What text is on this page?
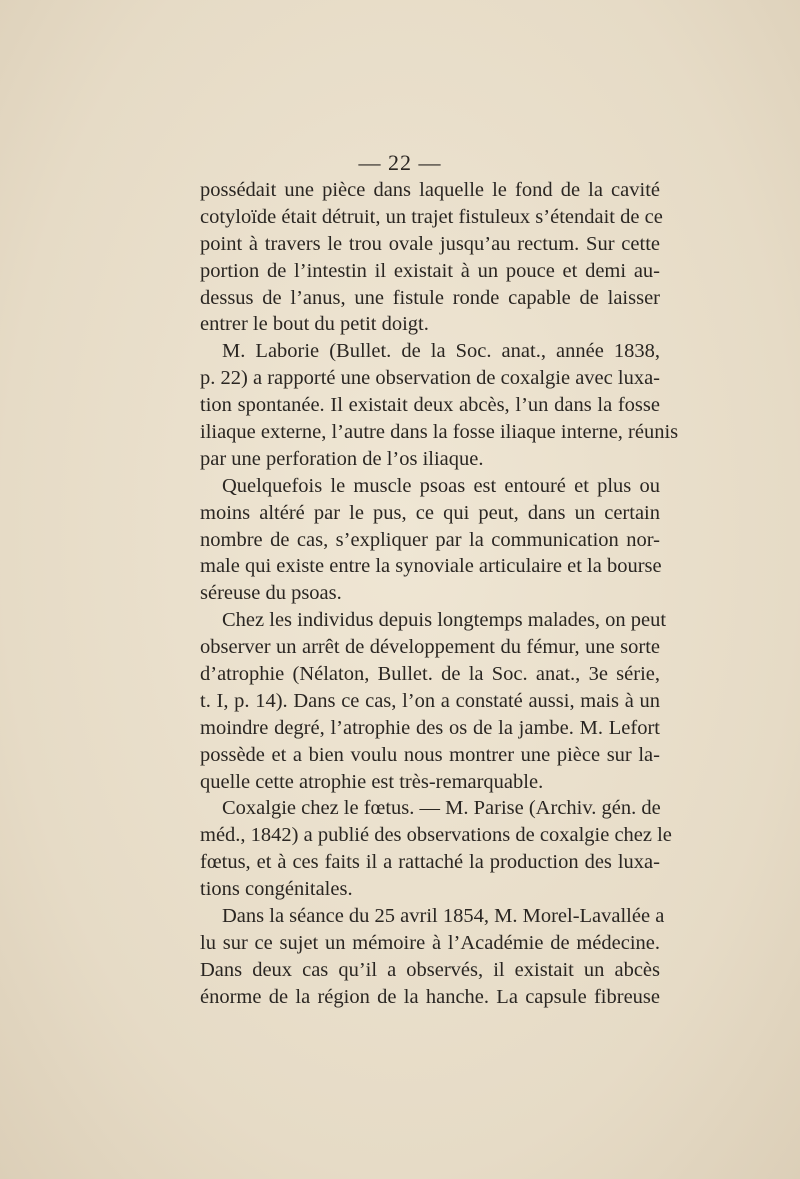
— 22 —
possédait une pièce dans laquelle le fond de la cavité
cotyloïde était détruit, un trajet fistuleux s’étendait de ce
point à travers le trou ovale jusqu’au rectum. Sur cette
portion de l’intestin il existait à un pouce et demi au-
dessus de l’anus, une fistule ronde capable de laisser
entrer le bout du petit doigt.
M. Laborie (Bullet. de la Soc. anat., année 1838,
p. 22) a rapporté une observation de coxalgie avec luxa-
tion spontanée. Il existait deux abcès, l’un dans la fosse
iliaque externe, l’autre dans la fosse iliaque interne, réunis
par une perforation de l’os iliaque.
Quelquefois le muscle psoas est entouré et plus ou
moins altéré par le pus, ce qui peut, dans un certain
nombre de cas, s’expliquer par la communication nor-
male qui existe entre la synoviale articulaire et la bourse
séreuse du psoas.
Chez les individus depuis longtemps malades, on peut
observer un arrêt de développement du fémur, une sorte
d’atrophie (Nélaton, Bullet. de la Soc. anat., 3e série,
t. I, p. 14). Dans ce cas, l’on a constaté aussi, mais à un
moindre degré, l’atrophie des os de la jambe. M. Lefort
possède et a bien voulu nous montrer une pièce sur la-
quelle cette atrophie est très-remarquable.
Coxalgie chez le fœtus. — M. Parise (Archiv. gén. de
méd., 1842) a publié des observations de coxalgie chez le
fœtus, et à ces faits il a rattaché la production des luxa-
tions congénitales.
Dans la séance du 25 avril 1854, M. Morel-Lavallée a
lu sur ce sujet un mémoire à l’Académie de médecine.
Dans deux cas qu’il a observés, il existait un abcès
énorme de la région de la hanche. La capsule fibreuse
